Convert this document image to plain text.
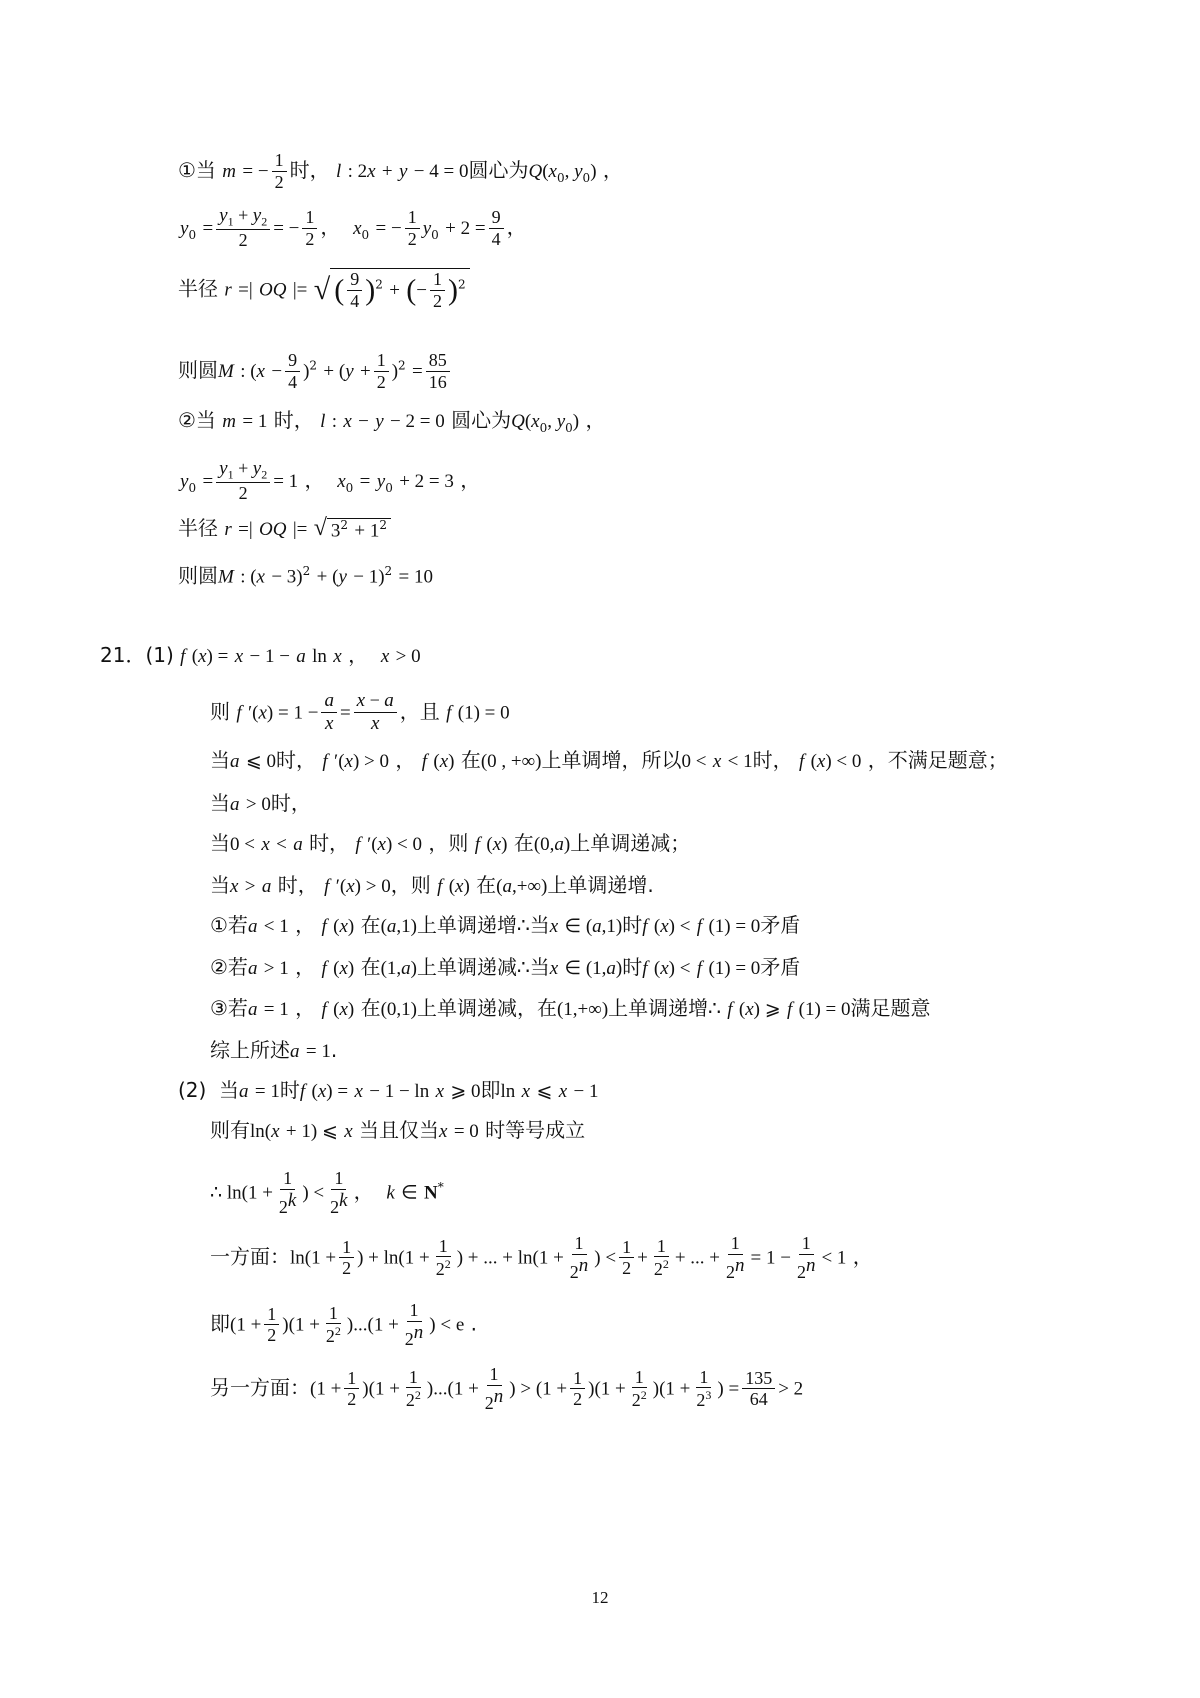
①当 m = − $\frac{1}{2}$ 时， l : 2x + y − 4 = 0圆心为$Q(x_0$, $y_0$) ，
$y_0 = \frac{y_1 + y_2}{2}$ = − $\frac{1}{2}$ ， $x_0$ = − $\frac{1}{2} y_0 + 2 = \frac{9}{4}$ ，
半径 r =| OQ |= √ ( $\frac{9}{4} )^2$ + (− $\frac{1}{2} )^2$
则圆M : $(x - \frac{9}{4} )^2 + (y + \frac{1}{2} )^2 = \frac{85}{16}$
②当 m = 1 时， l : x − y − 2 = 0 圆心为$Q(x_0$, $y_0$) ，
$y_0 = \frac{y_1 + y_2}{2} = 1$ ， $x_0 = y_0 + 2 = 3$ ，
半径 r =| OQ |= √ $3^2 + 1^2$
则圆M : $(x - 3)^2 + (y - 1)^2 = 10$
21．(1) f (x) = x − 1 − a ln x ， x > 0
则 f $'(x) = 1 - \frac{a}{x} = \frac{x - a}{x}$ ，且 f (1) = 0
当a ⩽ 0时， f ′(x) > 0 ， f (x) 在(0 , +∞)上单调增，所以0 < x < 1时， f (x) < 0 ，不满足题意；
当a > 0时，
当0 < x < a 时， f ′(x) < 0 ，则 f (x) 在(0,a)上单调递减；
当x > a 时， f ′(x) > 0，则 f (x) 在(a,+∞)上单调递增.
①若a < 1 ， f (x) 在(a,1)上单调递增∴当x ∈ (a,1)时f (x) < f (1) = 0矛盾
②若a > 1 ， f (x) 在(1,a)上单调递减∴当x ∈ (1,a)时f (x) < f (1) = 0矛盾
③若a = 1 ， f (x) 在(0,1)上单调递减，在(1,+∞)上单调递增∴ f (x) ⩾ f (1) = 0满足题意
综上所述a = 1.
(2)  当a = 1时f (x) = x − 1 − ln x ⩾ 0即ln x ⩽ x − 1
则有ln(x + 1) ⩽ x 当且仅当x = 0 时等号成立
∴ $\ln(1 + \frac{1}{2^k}$ ) < $\frac{1}{2^k}$ ， k ∈ N*
一方面：$\ln(1 + \frac{1}{2}$ ) + $\ln(1 + \frac{1}{2^2}$ ) + ... + $\ln(1 + \frac{1}{2^n}$ ) < $\frac{1}{2} + \frac{1}{2^2}$ + ... + $\frac{1}{2^n} = 1 - \frac{1}{2^n} < 1$ ，
即$(1 + \frac{1}{2} )(1 + \frac{1}{2^2} )...(1 + \frac{1}{2^n}$ ) < e .
另一方面：$(1 + \frac{1}{2} )(1 + \frac{1}{2^2} )...(1 + \frac{1}{2^n}$ ) > $(1 + \frac{1}{2} )(1 + \frac{1}{2^2} )(1 + \frac{1}{2^3}$ ) = $\frac{135}{64} > 2$
12
